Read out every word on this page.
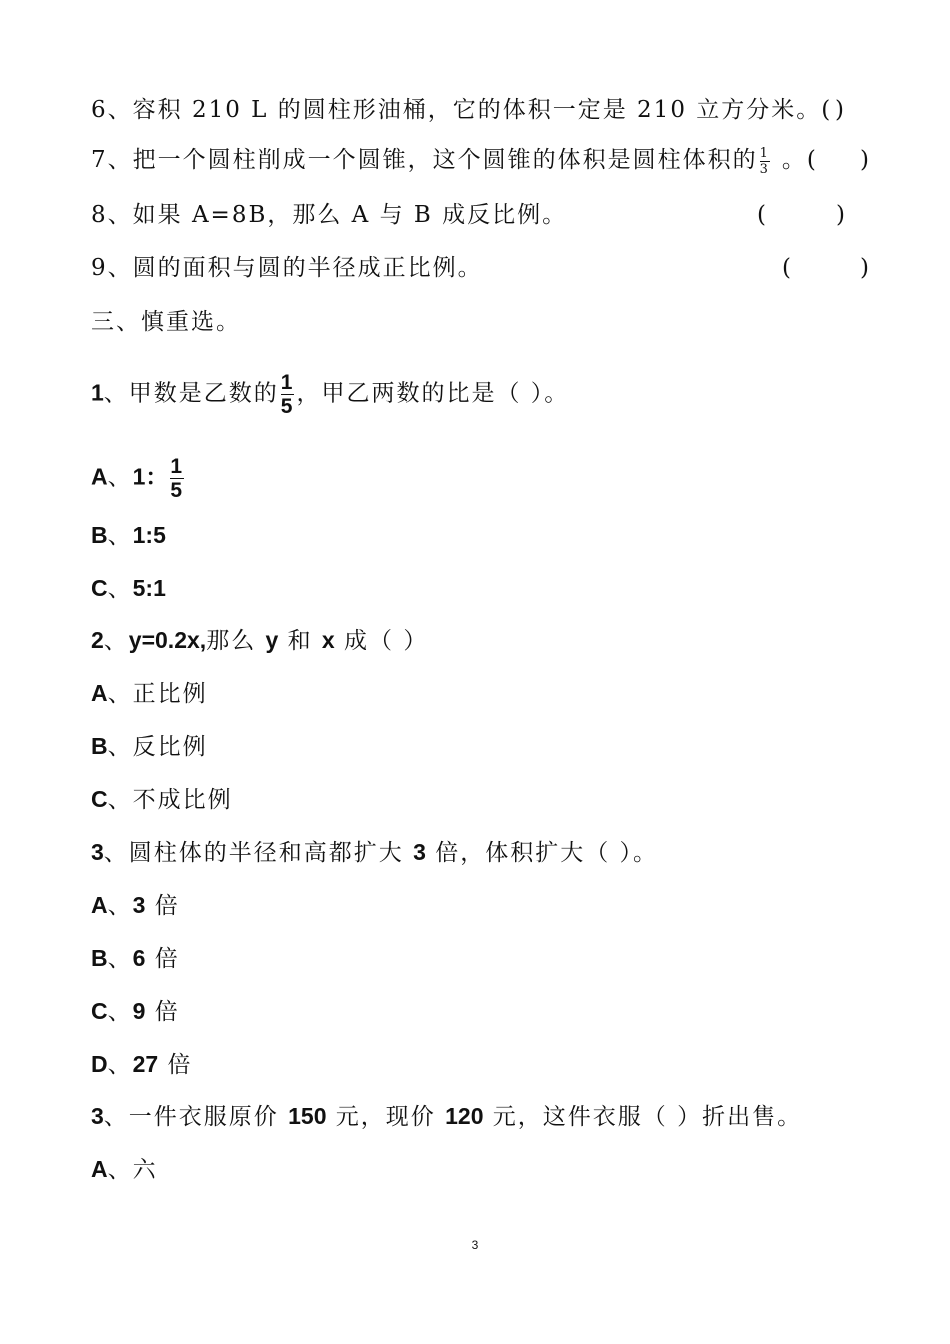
6、容积 210 L 的圆柱形油桶，它的体积一定是 210 立方分米。( )
7、把一个圆柱削成一个圆锥，这个圆锥的体积是圆柱体积的 $\frac{1}{3}$ 。( )
8、如果 A=8B，那么 A 与 B 成反比例。	(	)
9、圆的面积与圆的半径成正比例。	(	)
三、慎重选。
1、甲数是乙数的 $\frac{1}{5}$ ，甲乙两数的比是（ ）。
A、1： $\frac{1}{5}$
B、1:5
C、5:1
2、y=0.2x,那么 y 和 x 成（ ）
A、正比例
B、反比例
C、不成比例
3、圆柱体的半径和高都扩大 3 倍，体积扩大（ ）。
A、3 倍
B、6 倍
C、9 倍
D、27 倍
3、一件衣服原价 150 元，现价 120 元，这件衣服（ ）折出售。
A、六
3
